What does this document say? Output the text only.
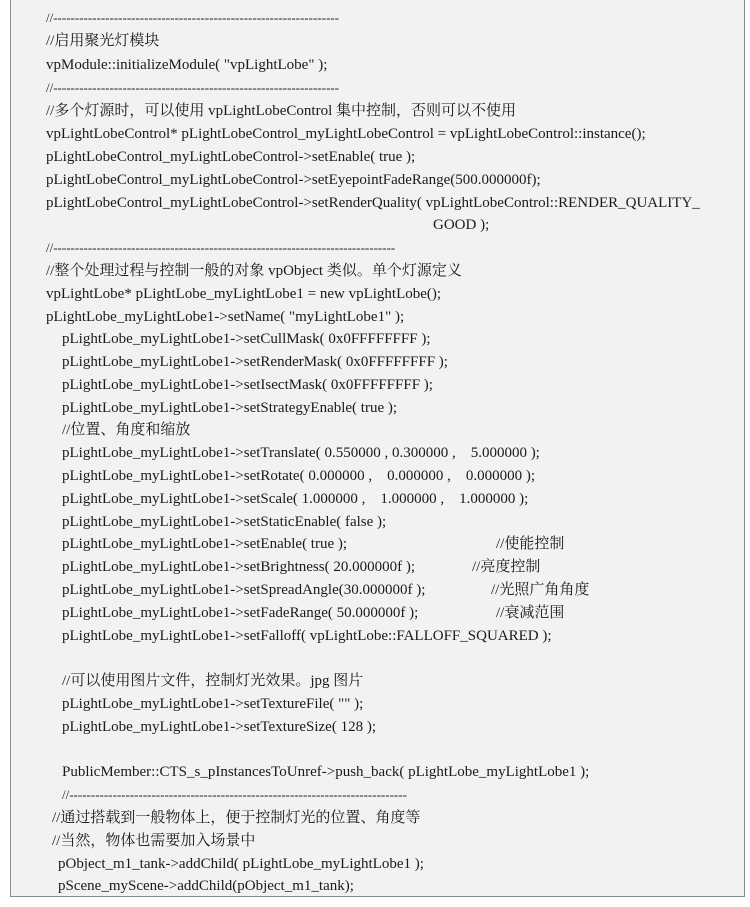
//------------------------------------------------------------------
//启用聚光灯模块
vpModule::initializeModule( "vpLightLobe" );
//------------------------------------------------------------------
//多个灯源时，可以使用 vpLightLobeControl 集中控制，否则可以不使用
vpLightLobeControl* pLightLobeControl_myLightLobeControl = vpLightLobeControl::instance();
pLightLobeControl_myLightLobeControl->setEnable( true );
pLightLobeControl_myLightLobeControl->setEyepointFadeRange(500.000000f);
pLightLobeControl_myLightLobeControl->setRenderQuality( vpLightLobeControl::RENDER_QUALITY_
GOOD );
//-------------------------------------------------------------------------------
//整个处理过程与控制一般的对象 vpObject 类似。单个灯源定义
vpLightLobe* pLightLobe_myLightLobe1 = new vpLightLobe();
pLightLobe_myLightLobe1->setName( "myLightLobe1" );
pLightLobe_myLightLobe1->setCullMask( 0x0FFFFFFFF );
pLightLobe_myLightLobe1->setRenderMask( 0x0FFFFFFFF );
pLightLobe_myLightLobe1->setIsectMask( 0x0FFFFFFFF );
pLightLobe_myLightLobe1->setStrategyEnable( true );
//位置、角度和缩放
pLightLobe_myLightLobe1->setTranslate( 0.550000 , 0.300000 ,    5.000000 );
pLightLobe_myLightLobe1->setRotate( 0.000000 ,    0.000000 ,    0.000000 );
pLightLobe_myLightLobe1->setScale( 1.000000 ,    1.000000 ,    1.000000 );
pLightLobe_myLightLobe1->setStaticEnable( false );
pLightLobe_myLightLobe1->setEnable( true );
pLightLobe_myLightLobe1->setBrightness( 20.000000f );
pLightLobe_myLightLobe1->setSpreadAngle(30.000000f );
pLightLobe_myLightLobe1->setFadeRange( 50.000000f );
pLightLobe_myLightLobe1->setFalloff( vpLightLobe::FALLOFF_SQUARED );
//可以使用图片文件，控制灯光效果。jpg 图片
pLightLobe_myLightLobe1->setTextureFile( "" );
pLightLobe_myLightLobe1->setTextureSize( 128 );
PublicMember::CTS_s_pInstancesToUnref->push_back( pLightLobe_myLightLobe1 );
//------------------------------------------------------------------------------
//通过搭载到一般物体上，便于控制灯光的位置、角度等
//当然，物体也需要加入场景中
pObject_m1_tank->addChild( pLightLobe_myLightLobe1 );
pScene_myScene->addChild(pObject_m1_tank);
//使能控制
//亮度控制
//光照广角角度
//衰减范围
